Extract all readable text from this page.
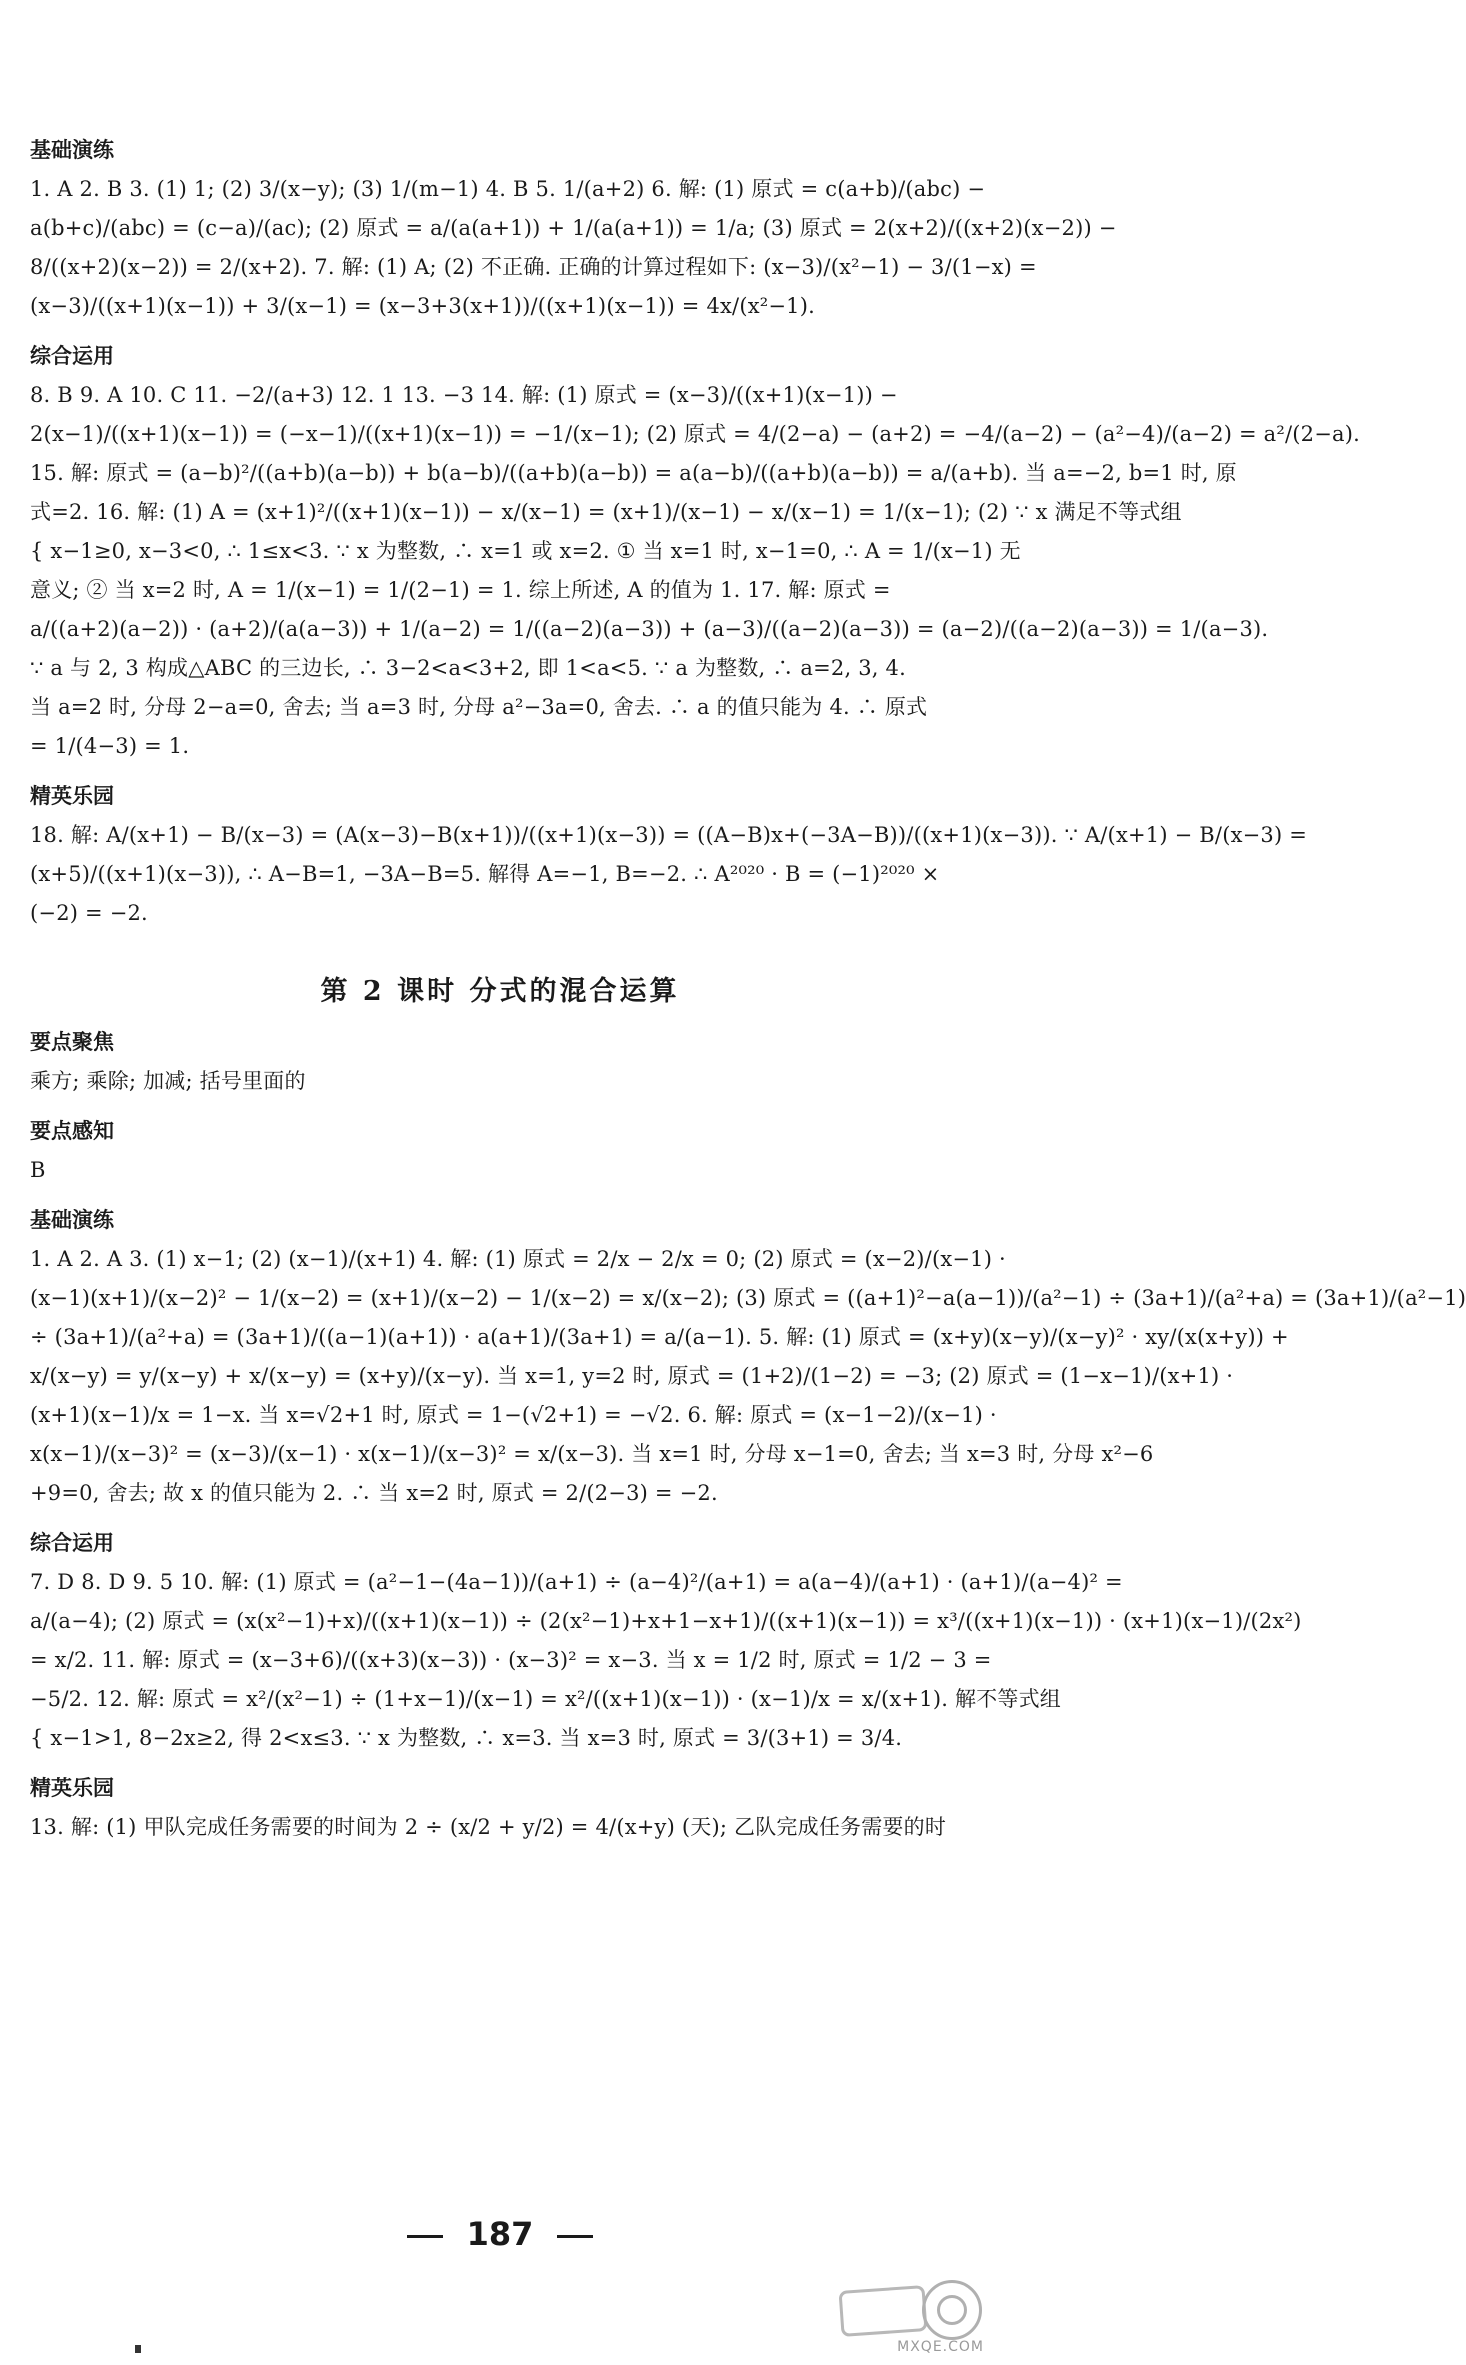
基础演练
1. A 2. B 3. (1) 1; (2) 3/(x−y); (3) 1/(m−1) 4. B 5. 1/(a+2) 6. 解: (1) 原式 = c(a+b)/(abc) −
a(b+c)/(abc) = (c−a)/(ac); (2) 原式 = a/(a(a+1)) + 1/(a(a+1)) = 1/a; (3) 原式 = 2(x+2)/((x+2)(x−2)) −
8/((x+2)(x−2)) = 2/(x+2). 7. 解: (1) A; (2) 不正确. 正确的计算过程如下: (x−3)/(x²−1) − 3/(1−x) =
(x−3)/((x+1)(x−1)) + 3/(x−1) = (x−3+3(x+1))/((x+1)(x−1)) = 4x/(x²−1).
综合运用
8. B 9. A 10. C 11. −2/(a+3) 12. 1 13. −3 14. 解: (1) 原式 = (x−3)/((x+1)(x−1)) −
2(x−1)/((x+1)(x−1)) = (−x−1)/((x+1)(x−1)) = −1/(x−1); (2) 原式 = 4/(2−a) − (a+2) = −4/(a−2) − (a²−4)/(a−2) = a²/(2−a).
15. 解: 原式 = (a−b)²/((a+b)(a−b)) + b(a−b)/((a+b)(a−b)) = a(a−b)/((a+b)(a−b)) = a/(a+b). 当 a=−2, b=1 时, 原
式=2. 16. 解: (1) A = (x+1)²/((x+1)(x−1)) − x/(x−1) = (x+1)/(x−1) − x/(x−1) = 1/(x−1); (2) ∵ x 满足不等式组
{ x−1≥0, x−3<0, ∴ 1≤x<3. ∵ x 为整数, ∴ x=1 或 x=2. ① 当 x=1 时, x−1=0, ∴ A = 1/(x−1) 无
意义; ② 当 x=2 时, A = 1/(x−1) = 1/(2−1) = 1. 综上所述, A 的值为 1. 17. 解: 原式 =
a/((a+2)(a−2)) · (a+2)/(a(a−3)) + 1/(a−2) = 1/((a−2)(a−3)) + (a−3)/((a−2)(a−3)) = (a−2)/((a−2)(a−3)) = 1/(a−3).
∵ a 与 2, 3 构成△ABC 的三边长, ∴ 3−2<a<3+2, 即 1<a<5. ∵ a 为整数, ∴ a=2, 3, 4.
当 a=2 时, 分母 2−a=0, 舍去; 当 a=3 时, 分母 a²−3a=0, 舍去. ∴ a 的值只能为 4. ∴ 原式
= 1/(4−3) = 1.
精英乐园
18. 解: A/(x+1) − B/(x−3) = (A(x−3)−B(x+1))/((x+1)(x−3)) = ((A−B)x+(−3A−B))/((x+1)(x−3)). ∵ A/(x+1) − B/(x−3) =
(x+5)/((x+1)(x−3)), ∴ A−B=1, −3A−B=5. 解得 A=−1, B=−2. ∴ A²⁰²⁰ · B = (−1)²⁰²⁰ ×
(−2) = −2.
第 2 课时 分式的混合运算
要点聚焦
乘方; 乘除; 加减; 括号里面的
要点感知
B
基础演练
1. A 2. A 3. (1) x−1; (2) (x−1)/(x+1) 4. 解: (1) 原式 = 2/x − 2/x = 0; (2) 原式 = (x−2)/(x−1) ·
(x−1)(x+1)/(x−2)² − 1/(x−2) = (x+1)/(x−2) − 1/(x−2) = x/(x−2); (3) 原式 = ((a+1)²−a(a−1))/(a²−1) ÷ (3a+1)/(a²+a) = (3a+1)/(a²−1)
÷ (3a+1)/(a²+a) = (3a+1)/((a−1)(a+1)) · a(a+1)/(3a+1) = a/(a−1). 5. 解: (1) 原式 = (x+y)(x−y)/(x−y)² · xy/(x(x+y)) +
x/(x−y) = y/(x−y) + x/(x−y) = (x+y)/(x−y). 当 x=1, y=2 时, 原式 = (1+2)/(1−2) = −3; (2) 原式 = (1−x−1)/(x+1) ·
(x+1)(x−1)/x = 1−x. 当 x=√2+1 时, 原式 = 1−(√2+1) = −√2. 6. 解: 原式 = (x−1−2)/(x−1) ·
x(x−1)/(x−3)² = (x−3)/(x−1) · x(x−1)/(x−3)² = x/(x−3). 当 x=1 时, 分母 x−1=0, 舍去; 当 x=3 时, 分母 x²−6
+9=0, 舍去; 故 x 的值只能为 2. ∴ 当 x=2 时, 原式 = 2/(2−3) = −2.
综合运用
7. D 8. D 9. 5 10. 解: (1) 原式 = (a²−1−(4a−1))/(a+1) ÷ (a−4)²/(a+1) = a(a−4)/(a+1) · (a+1)/(a−4)² =
a/(a−4); (2) 原式 = (x(x²−1)+x)/((x+1)(x−1)) ÷ (2(x²−1)+x+1−x+1)/((x+1)(x−1)) = x³/((x+1)(x−1)) · (x+1)(x−1)/(2x²)
= x/2. 11. 解: 原式 = (x−3+6)/((x+3)(x−3)) · (x−3)² = x−3. 当 x = 1/2 时, 原式 = 1/2 − 3 =
−5/2. 12. 解: 原式 = x²/(x²−1) ÷ (1+x−1)/(x−1) = x²/((x+1)(x−1)) · (x−1)/x = x/(x+1). 解不等式组
{ x−1>1, 8−2x≥2, 得 2<x≤3. ∵ x 为整数, ∴ x=3. 当 x=3 时, 原式 = 3/(3+1) = 3/4.
精英乐园
13. 解: (1) 甲队完成任务需要的时间为 2 ÷ (x/2 + y/2) = 4/(x+y) (天); 乙队完成任务需要的时
187
MXQE.COM
